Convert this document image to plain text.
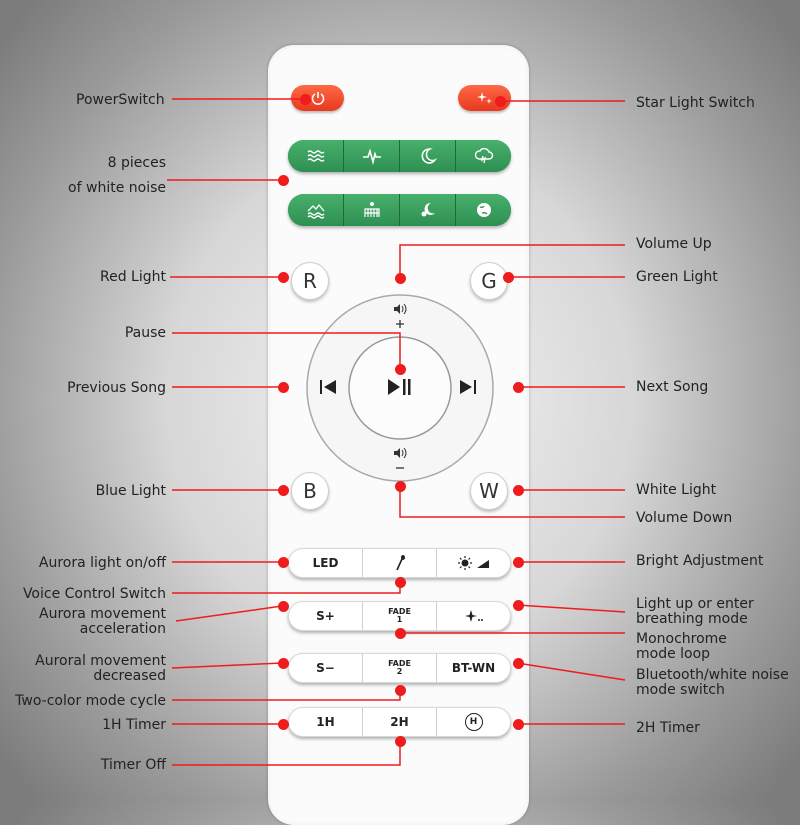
R	G
B	W
LED
S+	FADE
1
S−	FADE
2	BT-WN
1H	2H	H
PowerSwitch
8 pieces
of white noise
Red Light
Pause
Previous Song
Blue Light
Aurora light on/off
Voice Control Switch
Aurora movement
acceleration
Auroral movement
decreased
Two-color mode cycle
1H Timer
Timer Off
Star Light Switch
Volume Up
Green Light
Next Song
White Light
Volume Down
Bright Adjustment
Light up or enter
breathing mode
Monochrome
mode loop
Bluetooth/white noise
mode switch
2H Timer
